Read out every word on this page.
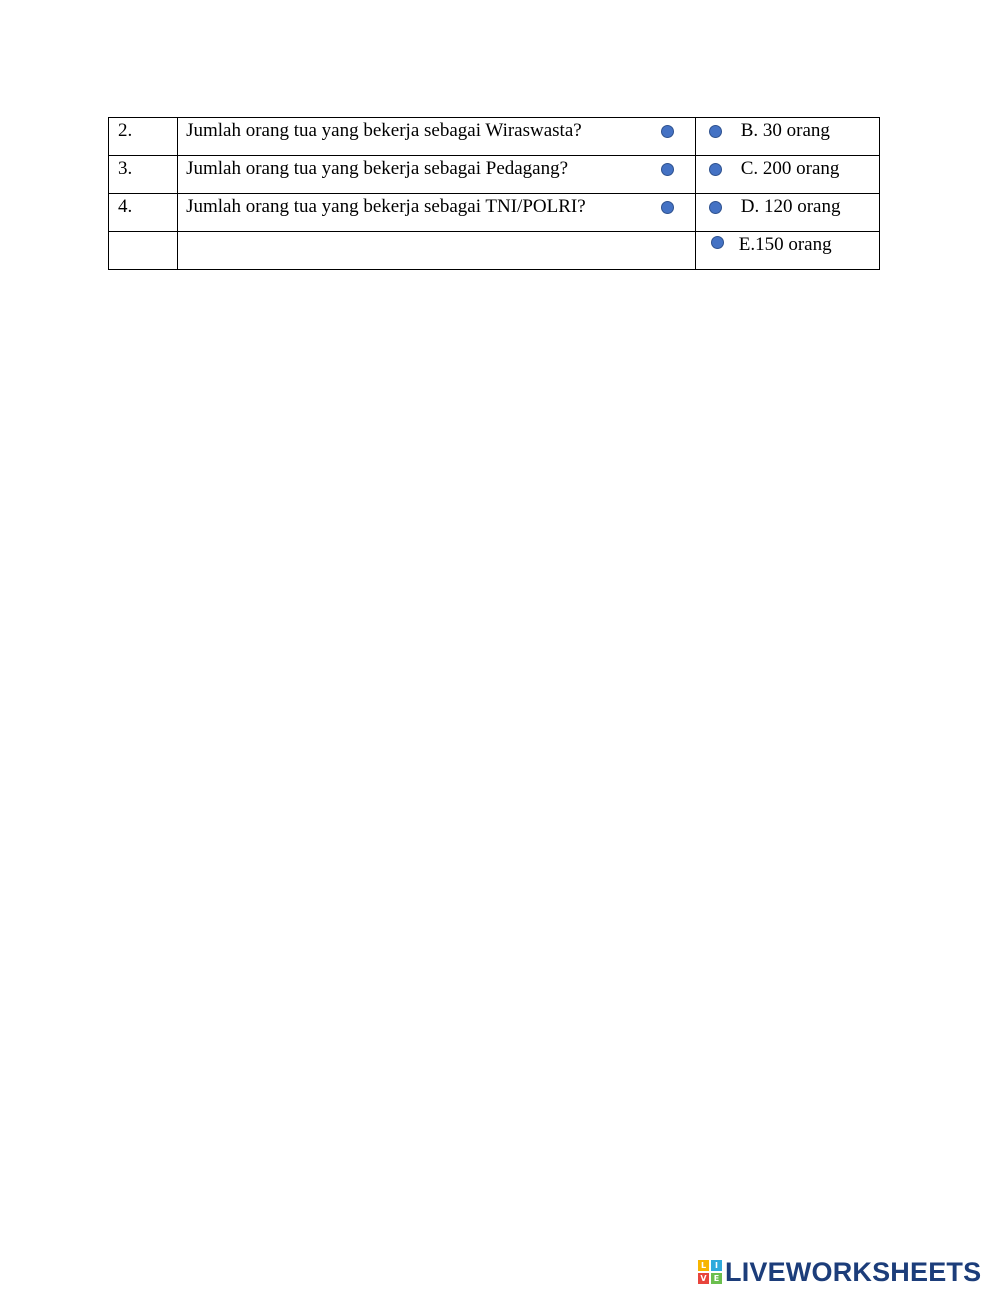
2.	Jumlah orang tua yang bekerja sebagai Wiraswasta?	B. 30 orang

3.	Jumlah orang tua yang bekerja sebagai Pedagang?	C. 200 orang

4.	Jumlah orang tua yang bekerja sebagai TNI/POLRI?	D. 120 orang

		E.150 orang
L	I
V E LIVEWORKSHEETS
